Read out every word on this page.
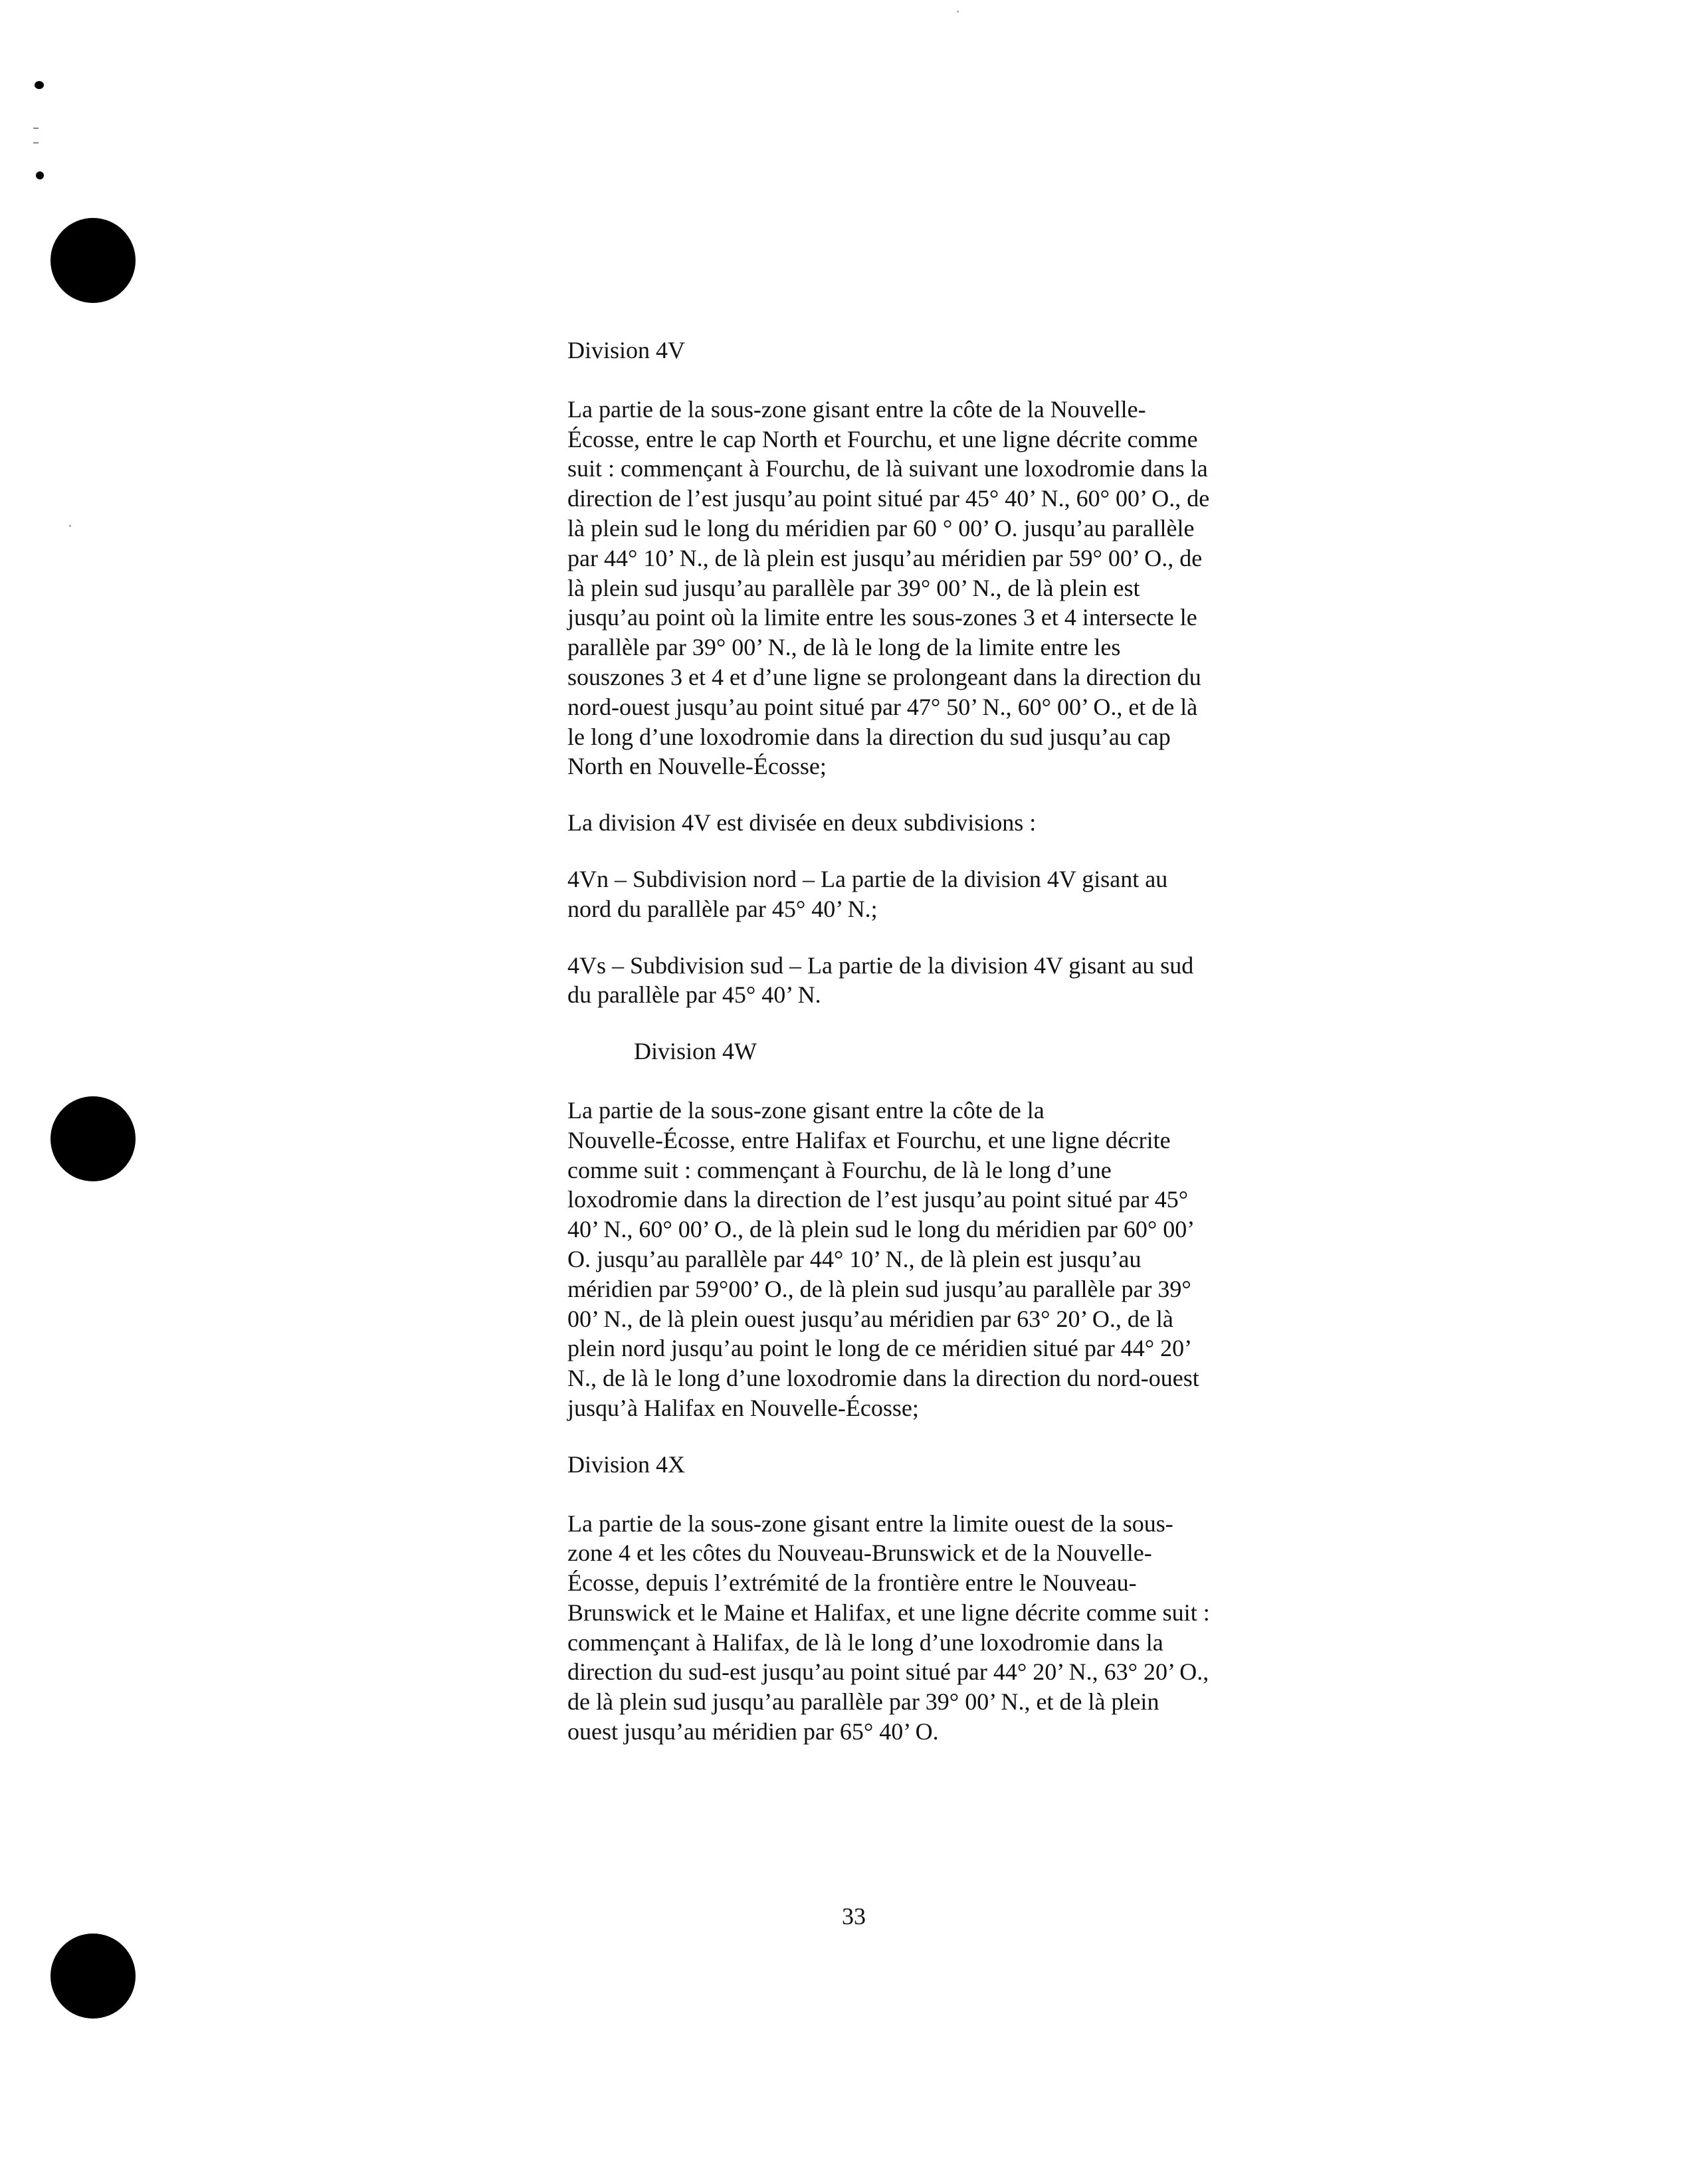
Division 4V

La partie de la sous-zone gisant entre la côte de la Nouvelle-
Écosse, entre le cap North et Fourchu, et une ligne décrite comme
suit : commençant à Fourchu, de là suivant une loxodromie dans la
direction de l’est jusqu’au point situé par 45° 40’ N., 60° 00’ O., de
là plein sud le long du méridien par 60 ° 00’ O. jusqu’au parallèle
par 44° 10’ N., de là plein est jusqu’au méridien par 59° 00’ O., de
là plein sud jusqu’au parallèle par 39° 00’ N., de là plein est
jusqu’au point où la limite entre les sous-zones 3 et 4 intersecte le
parallèle par 39° 00’ N., de là le long de la limite entre les
souszones 3 et 4 et d’une ligne se prolongeant dans la direction du
nord-ouest jusqu’au point situé par 47° 50’ N., 60° 00’ O., et de là
le long d’une loxodromie dans la direction du sud jusqu’au cap
North en Nouvelle-Écosse;

La division 4V est divisée en deux subdivisions :

4Vn – Subdivision nord – La partie de la division 4V gisant au
nord du parallèle par 45° 40’ N.;

4Vs – Subdivision sud – La partie de la division 4V gisant au sud
du parallèle par 45° 40’ N.

Division 4W

La partie de la sous-zone gisant entre la côte de la
Nouvelle-Écosse, entre Halifax et Fourchu, et une ligne décrite
comme suit : commençant à Fourchu, de là le long d’une
loxodromie dans la direction de l’est jusqu’au point situé par 45°
40’ N., 60° 00’ O., de là plein sud le long du méridien par 60° 00’
O. jusqu’au parallèle par 44° 10’ N., de là plein est jusqu’au
méridien par 59°00’ O., de là plein sud jusqu’au parallèle par 39°
00’ N., de là plein ouest jusqu’au méridien par 63° 20’ O., de là
plein nord jusqu’au point le long de ce méridien situé par 44° 20’
N., de là le long d’une loxodromie dans la direction du nord-ouest
jusqu’à Halifax en Nouvelle-Écosse;

Division 4X

La partie de la sous-zone gisant entre la limite ouest de la sous-
zone 4 et les côtes du Nouveau-Brunswick et de la Nouvelle-
Écosse, depuis l’extrémité de la frontière entre le Nouveau-
Brunswick et le Maine et Halifax, et une ligne décrite comme suit :
commençant à Halifax, de là le long d’une loxodromie dans la
direction du sud-est jusqu’au point situé par 44° 20’ N., 63° 20’ O.,
de là plein sud jusqu’au parallèle par 39° 00’ N., et de là plein
ouest jusqu’au méridien par 65° 40’ O.

33
